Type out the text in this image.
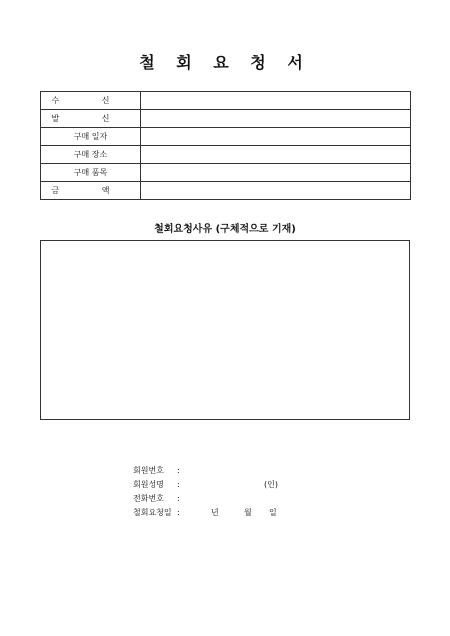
철 회 요 청 서
수 신	
발 신	
구매 일자	
구매 장소	
구매 품목	
금 액	
철회요청사유 (구체적으로 기재)
회원번호 :
회원성명 :	(인)
전화번호 :
철회요청일 :	년	월 일
